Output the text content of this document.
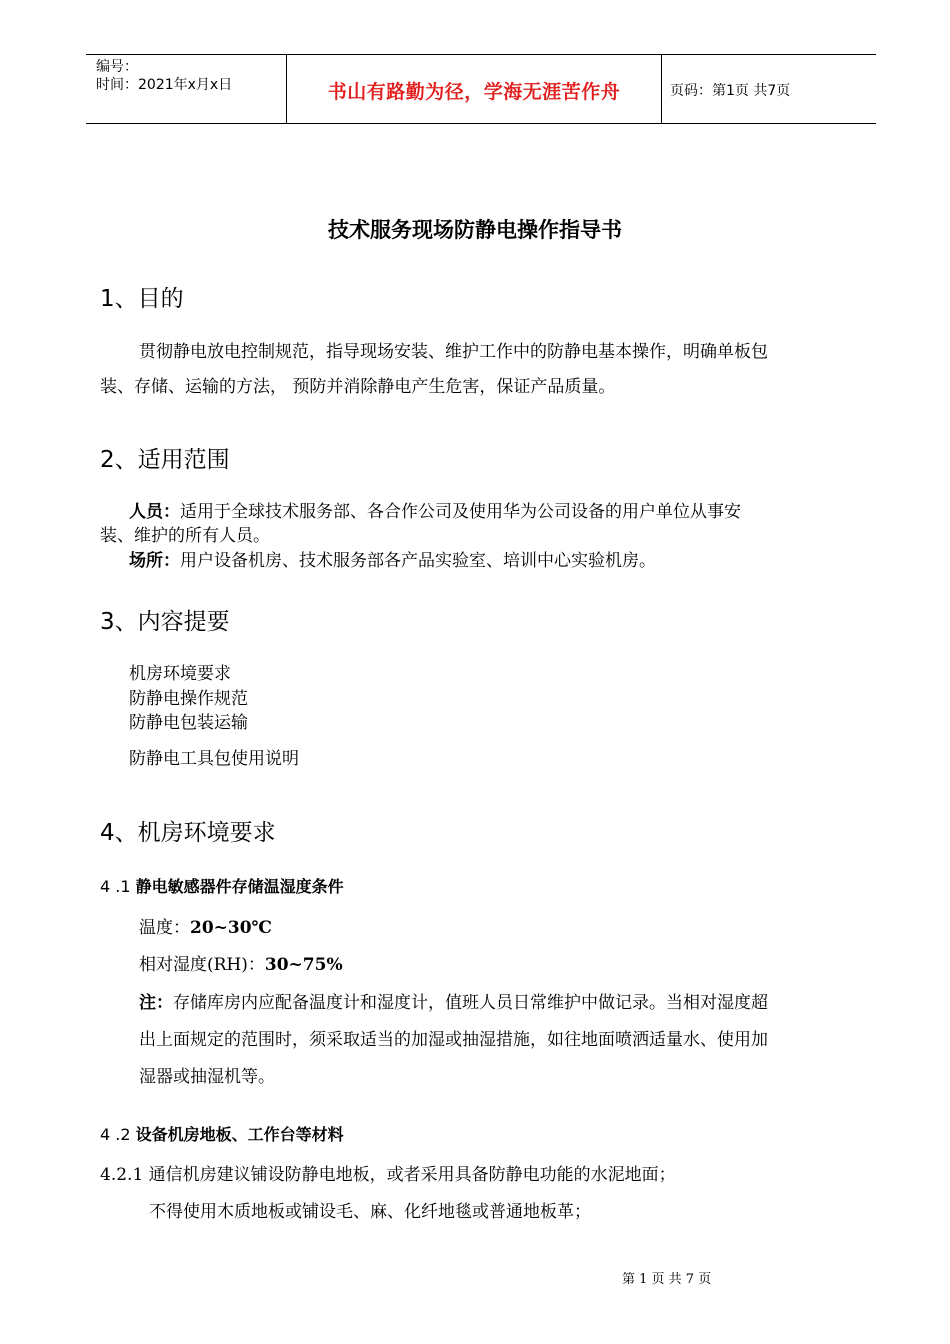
编号：
时间：2021年x月x日	书山有路勤为径，学海无涯苦作舟	页码：第1页 共7页
技术服务现场防静电操作指导书
1、目的
贯彻静电放电控制规范，指导现场安装、维护工作中的防静电基本操作，明确单板包
装、存储、运输的方法， 预防并消除静电产生危害，保证产品质量。
2、适用范围
人员：适用于全球技术服务部、各合作公司及使用华为公司设备的用户单位从事安
装、维护的所有人员。
场所：用户设备机房、技术服务部各产品实验室、培训中心实验机房。
3、内容提要
机房环境要求
防静电操作规范
防静电包装运输
防静电工具包使用说明
4、机房环境要求
4 .1 静电敏感器件存储温湿度条件
温度：20~30℃
相对湿度(RH)：30~75%
注：存储库房内应配备温度计和湿度计，值班人员日常维护中做记录。当相对湿度超
出上面规定的范围时，须采取适当的加湿或抽湿措施，如往地面喷洒适量水、使用加
湿器或抽湿机等。
4 .2 设备机房地板、工作台等材料
4.2.1 通信机房建议铺设防静电地板，或者采用具备防静电功能的水泥地面；
不得使用木质地板或铺设毛、麻、化纤地毯或普通地板革；
第 1 页 共 7 页
